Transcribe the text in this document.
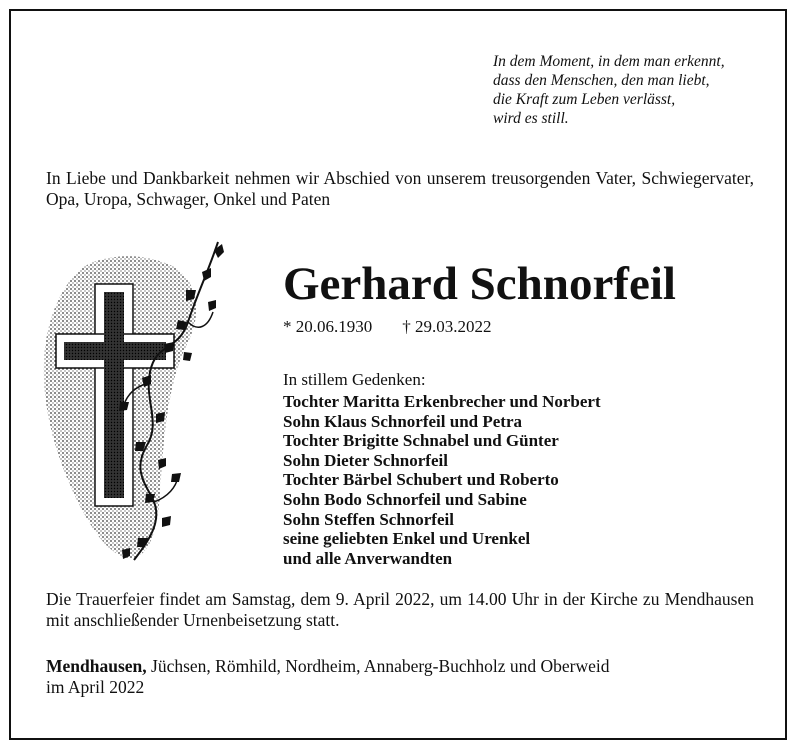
In dem Moment, in dem man erkennt,
dass den Menschen, den man liebt,
die Kraft zum Leben verlässt,
wird es still.
In Liebe und Dankbarkeit nehmen wir Abschied von unserem treusorgenden Vater, Schwiegervater, Opa, Uropa, Schwager, Onkel und Paten
Gerhard Schnorfeil
* 20.06.1930 † 29.03.2022
In stillem Gedenken:
Tochter Maritta Erkenbrecher und Norbert
Sohn Klaus Schnorfeil und Petra
Tochter Brigitte Schnabel und Günter
Sohn Dieter Schnorfeil
Tochter Bärbel Schubert und Roberto
Sohn Bodo Schnorfeil und Sabine
Sohn Steffen Schnorfeil
seine geliebten Enkel und Urenkel
und alle Anverwandten
Die Trauerfeier findet am Samstag, dem 9. April 2022, um 14.00 Uhr in der Kirche zu Mendhausen mit anschließender Urnenbeisetzung statt.
Mendhausen, Jüchsen, Römhild, Nordheim, Annaberg-Buchholz und Oberweid
im April 2022
